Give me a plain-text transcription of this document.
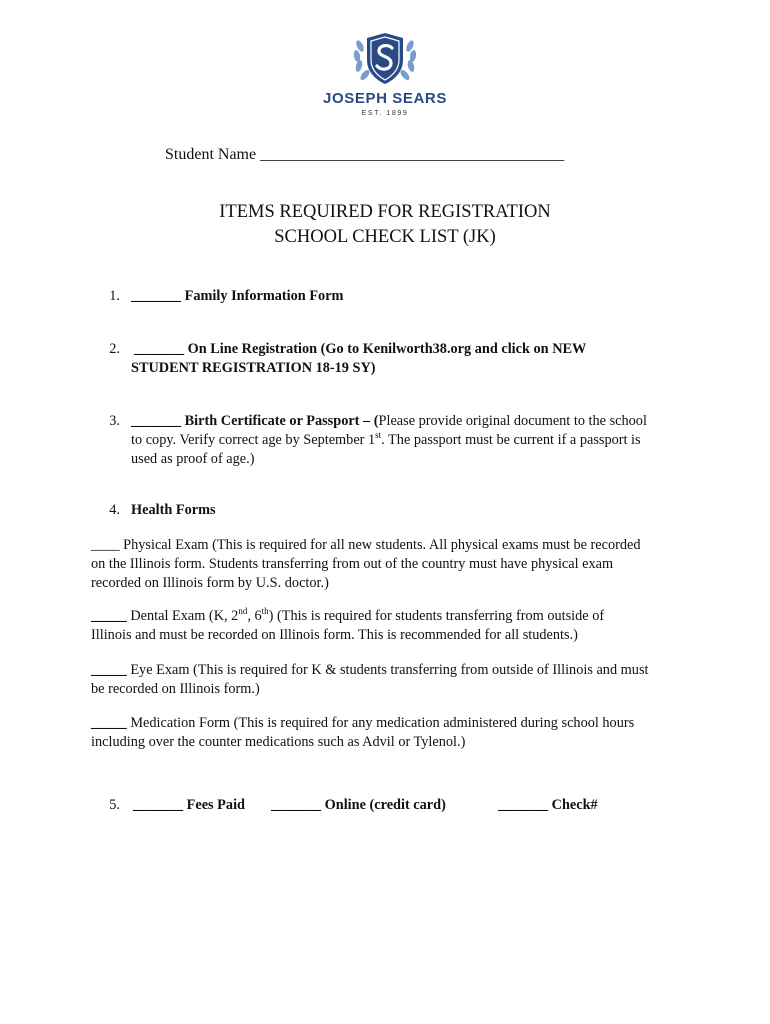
JOSEPH SEARS
EST. 1899
Student Name ______________________________________
ITEMS REQUIRED FOR REGISTRATION
SCHOOL CHECK LIST (JK)
1. _______ Family Information Form
2. _______ On Line Registration (Go to Kenilworth38.org and click on NEW
STUDENT REGISTRATION 18-19 SY)
3. _______ Birth Certificate or Passport – (Please provide original document to the school
to copy. Verify correct age by September 1st. The passport must be current if a passport is
used as proof of age.)
4. Health Forms
____ Physical Exam (This is required for all new students. All physical exams must be recorded
on the Illinois form. Students transferring from out of the country must have physical exam
recorded on Illinois form by U.S. doctor.)
_____ Dental Exam (K, 2nd, 6th) (This is required for students transferring from outside of
Illinois and must be recorded on Illinois form. This is recommended for all students.)
_____ Eye Exam (This is required for K & students transferring from outside of Illinois and must
be recorded on Illinois form.)
_____ Medication Form (This is required for any medication administered during school hours
including over the counter medications such as Advil or Tylenol.)
5. _______ Fees Paid _______ Online (credit card)	_______ Check#
